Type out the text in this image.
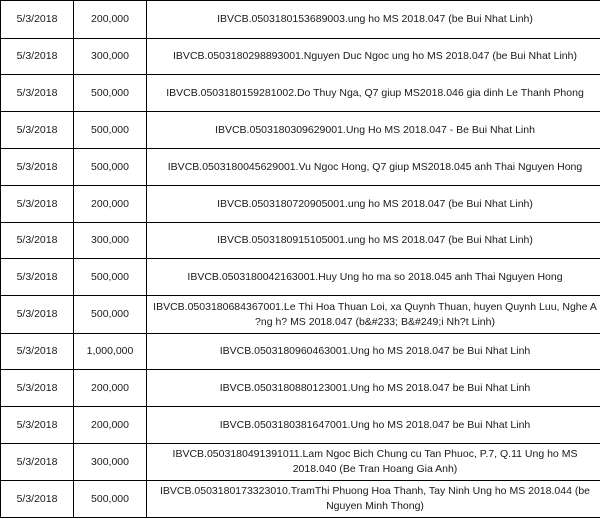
5/3/2018	200,000	IBVCB.0503180153689003.ung ho MS 2018.047 (be Bui Nhat Linh)	
5/3/2018	300,000	IBVCB.0503180298893001.Nguyen Duc Ngoc ung ho MS 2018.047 (be Bui Nhat Linh)	
5/3/2018	500,000	IBVCB.0503180159281002.Do Thuy Nga, Q7 giup MS2018.046 gia dinh Le Thanh Phong	
5/3/2018	500,000	IBVCB.0503180309629001.Ung Ho MS 2018.047 - Be Bui Nhat Linh	
5/3/2018	500,000	IBVCB.0503180045629001.Vu Ngoc Hong, Q7 giup MS2018.045 anh Thai Nguyen Hong	
5/3/2018	200,000	IBVCB.0503180720905001.ung ho MS 2018.047 (be Bui Nhat Linh)	
5/3/2018	300,000	IBVCB.0503180915105001.ung ho MS 2018.047 (be Bui Nhat Linh)	
5/3/2018	500,000	IBVCB.0503180042163001.Huy Ung ho ma so 2018.045 anh Thai Nguyen Hong	
5/3/2018	500,000	IBVCB.0503180684367001.Le Thi Hoa Thuan Loi, xa Quynh Thuan, huyen Quynh Luu, Nghe A ?ng h? MS 2018.047 (b&#233; B&#249;i Nh?t Linh)	
5/3/2018	1,000,000	IBVCB.0503180960463001.Ung ho MS 2018.047 be Bui Nhat Linh	
5/3/2018	200,000	IBVCB.0503180880123001.Ung ho MS 2018.047 be Bui Nhat Linh	
5/3/2018	200,000	IBVCB.0503180381647001.Ung ho MS 2018.047 be Bui Nhat Linh	
5/3/2018	300,000	IBVCB.0503180491391011.Lam Ngoc Bich Chung cu Tan Phuoc, P.7, Q.11 Ung ho MS 2018.040 (Be Tran Hoang Gia Anh)	
5/3/2018	500,000	IBVCB.0503180173323010.TramThi Phuong Hoa Thanh, Tay Ninh Ung ho MS 2018.044 (be Nguyen Minh Thong)	
